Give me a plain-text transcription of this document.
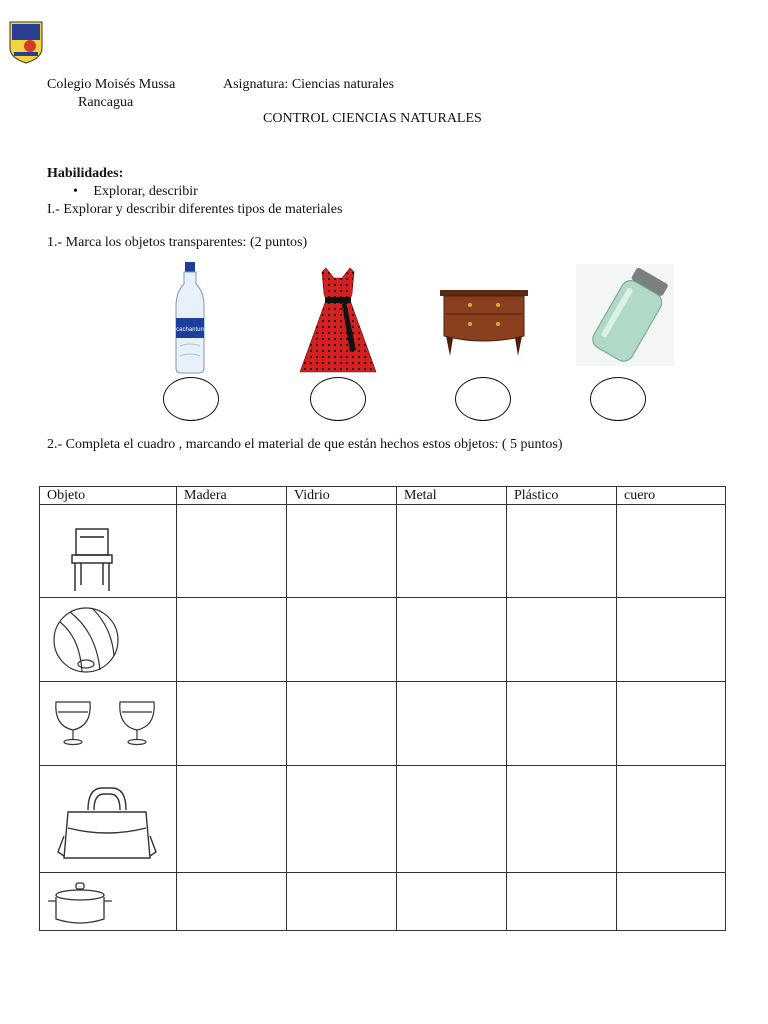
Colegio Moisés Mussa
Rancagua
Asignatura: Ciencias naturales
CONTROL CIENCIAS NATURALES
Habilidades:
• Explorar, describir
I.- Explorar y describir diferentes tipos de materiales
1.- Marca los objetos transparentes: (2 puntos)
cachantun
2.- Completa el cuadro , marcando el material de que están hechos estos objetos: ( 5 puntos)
Objeto	Madera	Vidrio	Metal	Plástico	cuero
